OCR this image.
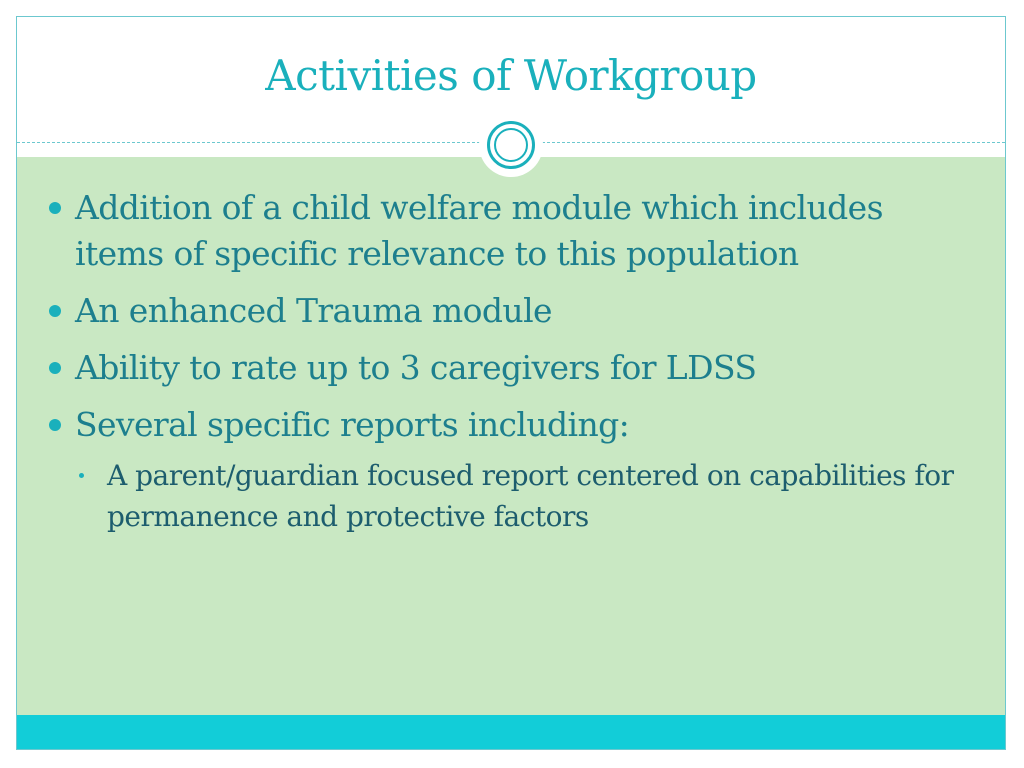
Activities of Workgroup
Addition of a child welfare module which includes items of specific relevance to this population
An enhanced Trauma module
Ability to rate up to 3 caregivers for LDSS
Several specific reports including:
A parent/guardian focused report centered on capabilities for permanence and protective factors
